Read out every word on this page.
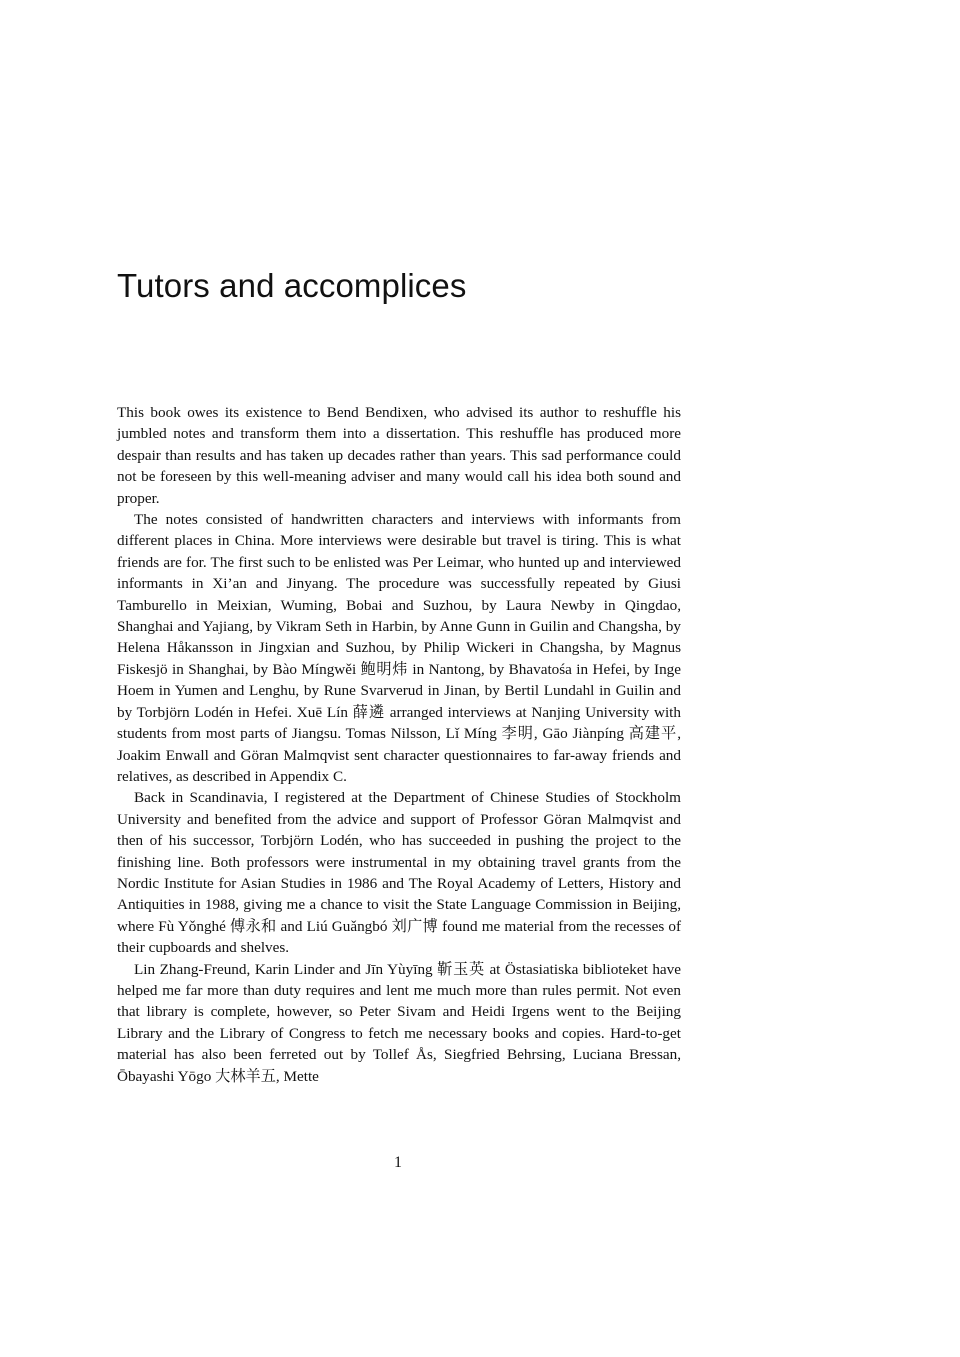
Tutors and accomplices

This book owes its existence to Bend Bendixen, who advised its author to reshuffle his jumbled notes and transform them into a dissertation. This reshuffle has produced more despair than results and has taken up decades rather than years. This sad performance could not be foreseen by this well-meaning adviser and many would call his idea both sound and proper.

The notes consisted of handwritten characters and interviews with informants from different places in China. More interviews were desirable but travel is tiring. This is what friends are for. The first such to be enlisted was Per Leimar, who hunted up and interviewed informants in Xi’an and Jinyang. The procedure was successfully repeated by Giusi Tamburello in Meixian, Wuming, Bobai and Suzhou, by Laura Newby in Qingdao, Shanghai and Yajiang, by Vikram Seth in Harbin, by Anne Gunn in Guilin and Changsha, by Helena Håkansson in Jingxian and Suzhou, by Philip Wickeri in Changsha, by Magnus Fiskesjö in Shanghai, by Bào Míngwěi 鲍明炜 in Nantong, by Bhavatośa in Hefei, by Inge Hoem in Yumen and Lenghu, by Rune Svarverud in Jinan, by Bertil Lundahl in Guilin and by Torbjörn Lodén in Hefei. Xuē Lín 薛遴 arranged interviews at Nanjing University with students from most parts of Jiangsu. Tomas Nilsson, Lǐ Míng 李明, Gāo Jiànpíng 高建平, Joakim Enwall and Göran Malmqvist sent character questionnaires to far-away friends and relatives, as described in Appendix C.

Back in Scandinavia, I registered at the Department of Chinese Studies of Stockholm University and benefited from the advice and support of Professor Göran Malmqvist and then of his successor, Torbjörn Lodén, who has succeeded in pushing the project to the finishing line. Both professors were instrumental in my obtaining travel grants from the Nordic Institute for Asian Studies in 1986 and The Royal Academy of Letters, History and Antiquities in 1988, giving me a chance to visit the State Language Commission in Beijing, where Fù Yǒnghé 傅永和 and Liú Guǎngbó 刘广博 found me material from the recesses of their cupboards and shelves.

Lin Zhang-Freund, Karin Linder and Jīn Yùyīng 靳玉英 at Östasiatiska biblioteket have helped me far more than duty requires and lent me much more than rules permit. Not even that library is complete, however, so Peter Sivam and Heidi Irgens went to the Beijing Library and the Library of Congress to fetch me necessary books and copies. Hard-to-get material has also been ferreted out by Tollef Ås, Siegfried Behrsing, Luciana Bressan, Ōbayashi Yōgo 大林羊五, Mette

1
